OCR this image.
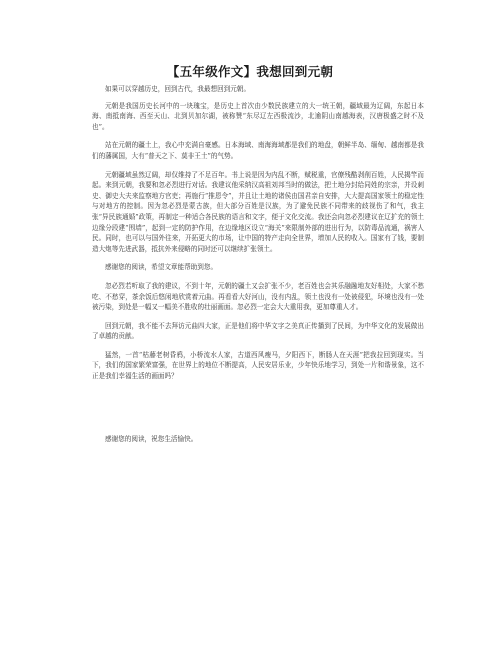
【五年级作文】我想回到元朝

如果可以穿越历史，回到古代，我最想回到元朝。

元朝是我国历史长河中的一块瑰宝，是历史上首次由少数民族建立的大一统王朝，疆域最为辽阔，东起日本海、南抵南海、西至天山、北到贝加尔湖，被称赞“东尽辽左西极流沙，北逾阴山南越海表，汉唐极盛之时不及也”。

站在元朝的疆土上，我心中充满自豪感。日本海域、南海海域都是我们的地盘，朝鲜半岛、缅甸、越南都是我们的藩属国，大有“普天之下、莫非王土”的气势。

元朝疆域虽然辽阔，却仅维持了不足百年。书上说是因为内乱不断，赋税重，官僚残酷剥削百姓，人民揭竿而起。来到元朝，我要和忽必烈进行对话。我建议他采纳汉高祖刘邦当时的做法，把土地分封给同姓的宗亲，并设刺史、御史大夫来监察地方官吏；再施行“推恩令”，并且让土地的诸侯由国君亲自安排，大大提高国家领土的稳定性与对地方的控制。因为忽必烈是蒙古族，但大部分百姓是汉族，为了避免民族不同带来的歧视伤了和气，我主张“异民族通婚”政策，再制定一种适合各民族的语言和文字，便于文化交流。我还会向忽必烈建议在辽扩充的领土边缘分段建“围墙”，起到一定的防护作用，在边缘地区设立“海关”来限制外部的进出行为，以防毒品流通，祸害人民。同时，也可以与国外往来，开拓更大的市场，让中国的特产走向全世界，增加人民的收入。国家有了钱，要制造大炮等先进武器，抵抗外来侵略的同时还可以继续扩张领土。

感谢您的阅读，希望文章能帮助到您。

忽必烈若听取了我的建议，不到十年，元朝的疆土又会扩张不少，老百姓也会其乐融融地友好相处，大家不愁吃、不愁穿，茶余饭后悠闲地欣赏着元曲。再看看大好河山，没有内乱，领土也没有一处被侵犯，环境也没有一处被污染，到处是一幅又一幅美不胜收的壮丽画面。忽必烈一定会大大重用我，更加尊重人才。

回到元朝，我不能不去拜访元曲四大家，正是他们将中华文字之美真正传播到了民间，为中华文化的发展做出了卓越的贡献。

猛然，一首“枯藤老树昏鸦，小桥流水人家，古道西风瘦马，夕阳西下，断肠人在天涯”把我拉回到现实。当下，我们的国家繁荣富强，在世界上的地位不断提高，人民安居乐业，少年快乐地学习，到处一片和谐景象，这不正是我们幸福生活的画面吗？

感谢您的阅读，祝您生活愉快。
